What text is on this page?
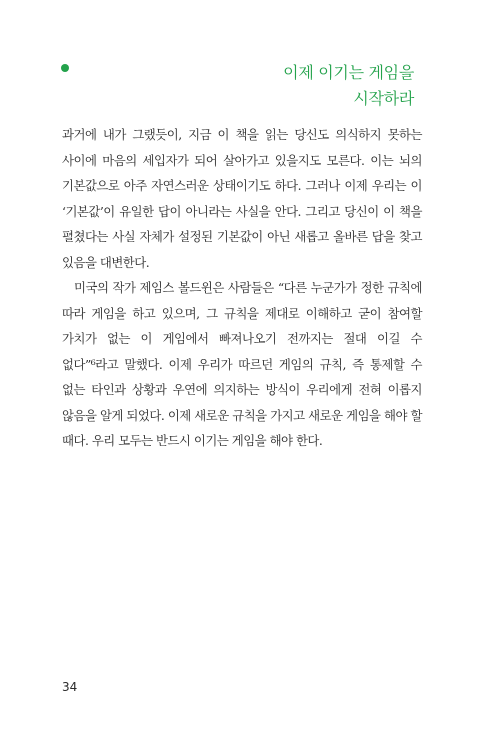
이제 이기는 게임을
시작하라

과거에 내가 그랬듯이, 지금 이 책을 읽는 당신도 의식하지 못하는 사이에 마음의 세입자가 되어 살아가고 있을지도 모른다. 이는 뇌의 기본값으로 아주 자연스러운 상태이기도 하다. 그러나 이제 우리는 이 ‘기본값’이 유일한 답이 아니라는 사실을 안다. 그리고 당신이 이 책을 펼쳤다는 사실 자체가 설정된 기본값이 아닌 새롭고 올바른 답을 찾고 있음을 대변한다.

미국의 작가 제임스 볼드윈은 사람들은 “다른 누군가가 정한 규칙에 따라 게임을 하고 있으며, 그 규칙을 제대로 이해하고 굳이 참여할 가치가 없는 이 게임에서 빠져나오기 전까지는 절대 이길 수 없다”⁶라고 말했다. 이제 우리가 따르던 게임의 규칙, 즉 통제할 수 없는 타인과 상황과 우연에 의지하는 방식이 우리에게 전혀 이롭지 않음을 알게 되었다. 이제 새로운 규칙을 가지고 새로운 게임을 해야 할 때다. 우리 모두는 반드시 이기는 게임을 해야 한다.

34
